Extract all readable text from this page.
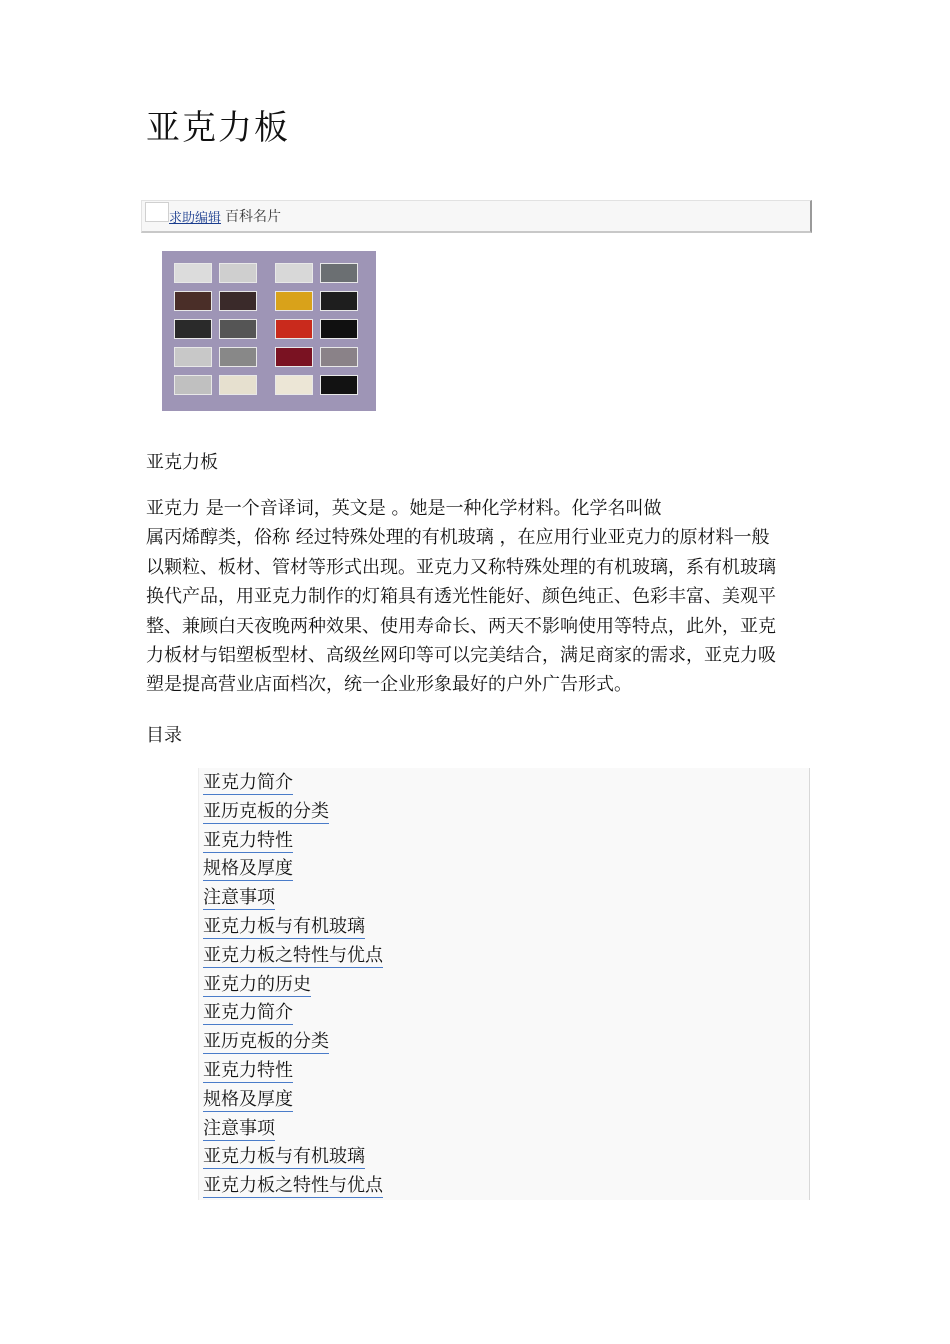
亚克力板
求助编辑 百科名片
亚克力板
亚克力 是一个音译词，英文是 。她是一种化学材料。化学名叫做
属丙烯醇类，俗称 经过特殊处理的有机玻璃 ，在应用行业亚克力的原材料一般
以颗粒、板材、管材等形式出现。亚克力又称特殊处理的有机玻璃，系有机玻璃
换代产品，用亚克力制作的灯箱具有透光性能好、颜色纯正、色彩丰富、美观平
整、兼顾白天夜晚两种效果、使用寿命长、两天不影响使用等特点，此外，亚克
力板材与铝塑板型材、高级丝网印等可以完美结合，满足商家的需求，亚克力吸
塑是提高营业店面档次，统一企业形象最好的户外广告形式。
目录
亚克力简介
亚历克板的分类
亚克力特性
规格及厚度
注意事项
亚克力板与有机玻璃
亚克力板之特性与优点
亚克力的历史
亚克力简介
亚历克板的分类
亚克力特性
规格及厚度
注意事项
亚克力板与有机玻璃
亚克力板之特性与优点
